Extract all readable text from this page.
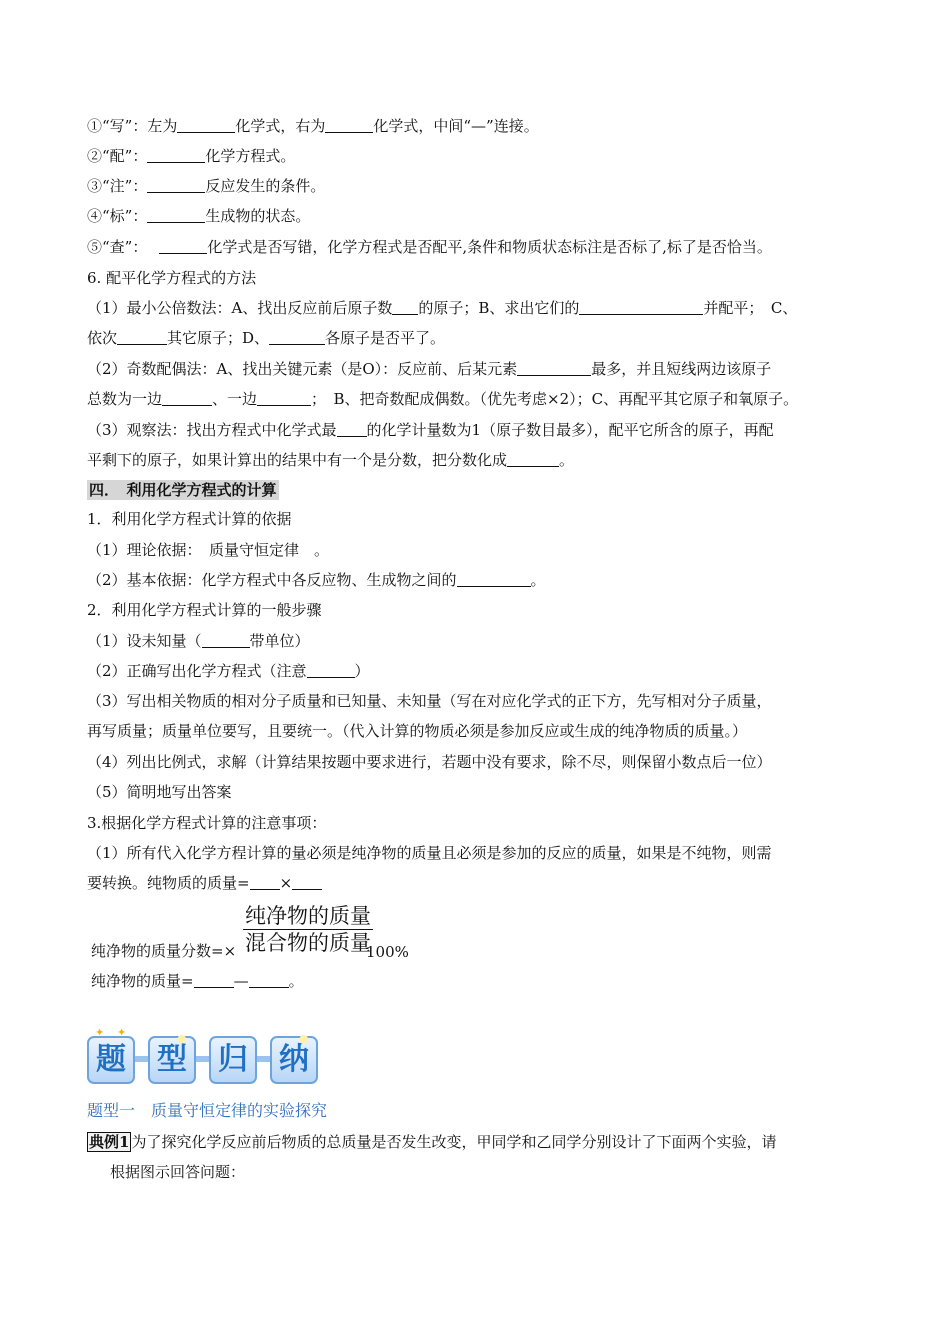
①“写”：左为	化学式，右为	化学式，中间“—”连接。
②“配”：	化学方程式。
③“注”：	反应发生的条件。
④“标”：	生成物的状态。
⑤“查”：	化学式是否写错，化学方程式是否配平,条件和物质状态标注是否标了,标了是否恰当。
6. 配平化学方程式的方法
（1）最小公倍数法：A、找出反应前后原子数 的原子；B、求出它们的	并配平；　C、
依次	其它原子；D、	各原子是否平了。
（2）奇数配偶法：A、找出关键元素（是O）：反应前、后某元素	最多，并且短线两边该原子
总数为一边	、一边	；　B、把奇数配成偶数。（优先考虑×2）；C、再配平其它原子和氧原子。
（3）观察法：找出方程式中化学式最 的化学计量数为1（原子数目最多），配平它所含的原子，再配
平剩下的原子，如果计算出的结果中有一个是分数，把分数化成	。
四．　利用化学方程式的计算
1．利用化学方程式计算的依据
（1）理论依据：　质量守恒定律　。
（2）基本依据：化学方程式中各反应物、生成物之间的	。
2．利用化学方程式计算的一般步骤
（1）设未知量（	带单位）
（2）正确写出化学方程式（注意	）
（3）写出相关物质的相对分子质量和已知量、未知量（写在对应化学式的正下方，先写相对分子质量，
再写质量；质量单位要写，且要统一。（代入计算的物质必须是参加反应或生成的纯净物质的质量。）
（4）列出比例式，求解（计算结果按题中要求进行，若题中没有要求，除不尽，则保留小数点后一位）
（5）简明地写出答案
3.根据化学方程式计算的注意事项：
（1）所有代入化学方程计算的量必须是纯净物的质量且必须是参加的反应的质量，如果是不纯物，则需
要转换。纯物质的质量= ×
纯净物的质量
混合物的质量
纯净物的质量分数=×	100%
纯净物的质量=	—	。
题	型	归	纳
✦ ✦	●	●
题型一　质量守恒定律的实验探究
典例1 为了探究化学反应前后物质的总质量是否发生改变，甲同学和乙同学分别设计了下面两个实验，请
根据图示回答问题：
